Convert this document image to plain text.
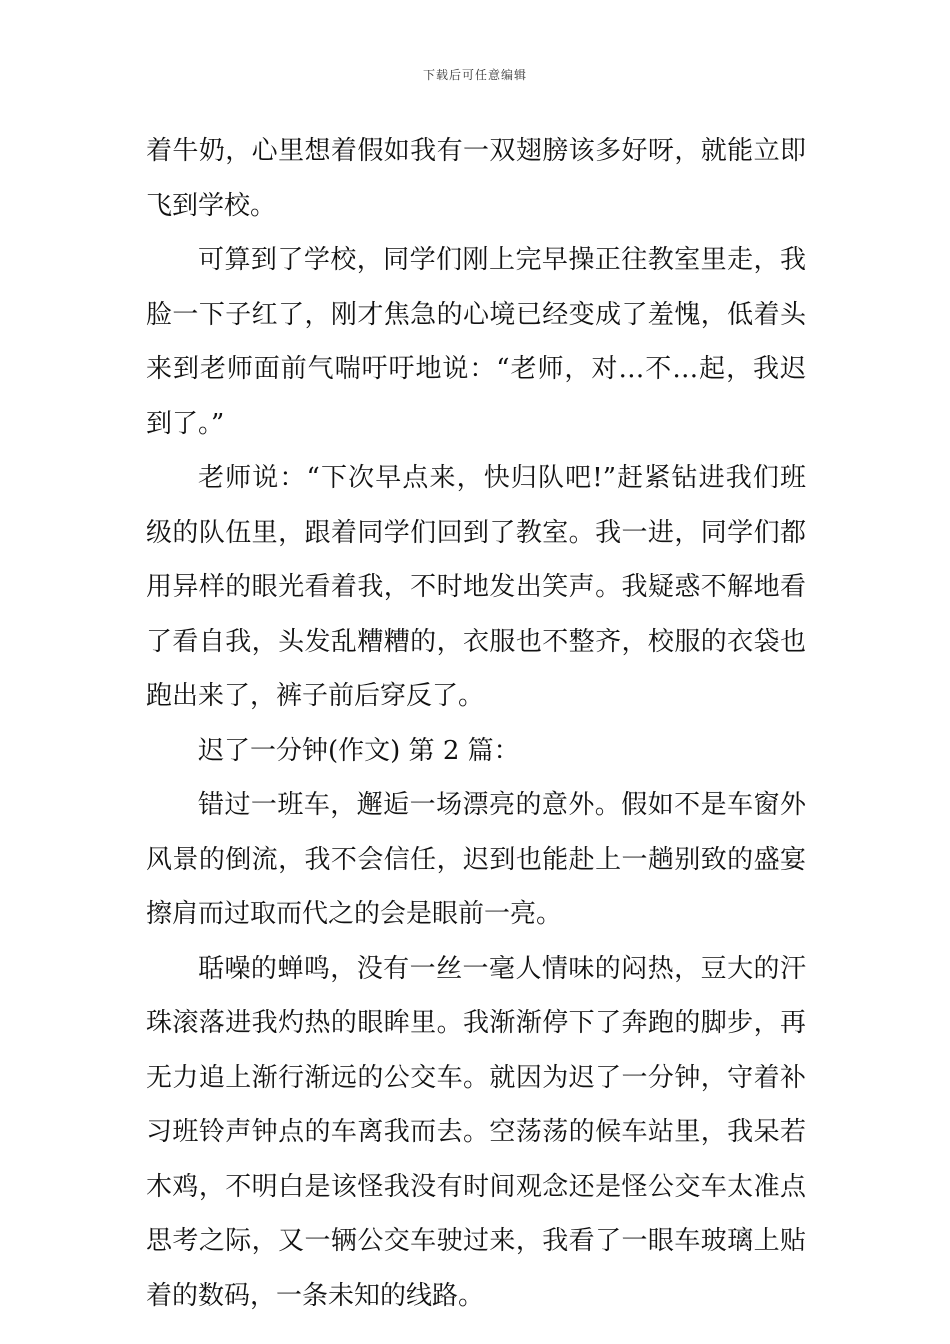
下载后可任意编辑
着牛奶，心里想着假如我有一双翅膀该多好呀，就能立即
飞到学校。
可算到了学校，同学们刚上完早操正往教室里走，我
脸一下子红了，刚才焦急的心境已经变成了羞愧，低着头
来到老师面前气喘吁吁地说：“老师，对…不…起，我迟
到了。”
老师说：“下次早点来，快归队吧!”赶紧钻进我们班
级的队伍里，跟着同学们回到了教室。我一进，同学们都
用异样的眼光看着我，不时地发出笑声。我疑惑不解地看
了看自我，头发乱糟糟的，衣服也不整齐，校服的衣袋也
跑出来了，裤子前后穿反了。
迟了一分钟(作文) 第 2 篇：
错过一班车，邂逅一场漂亮的意外。假如不是车窗外
风景的倒流，我不会信任，迟到也能赴上一趟别致的盛宴
擦肩而过取而代之的会是眼前一亮。
聒噪的蝉鸣，没有一丝一毫人情味的闷热，豆大的汗
珠滚落进我灼热的眼眸里。我渐渐停下了奔跑的脚步，再
无力追上渐行渐远的公交车。就因为迟了一分钟，守着补
习班铃声钟点的车离我而去。空荡荡的候车站里，我呆若
木鸡，不明白是该怪我没有时间观念还是怪公交车太准点
思考之际，又一辆公交车驶过来，我看了一眼车玻璃上贴
着的数码，一条未知的线路。
